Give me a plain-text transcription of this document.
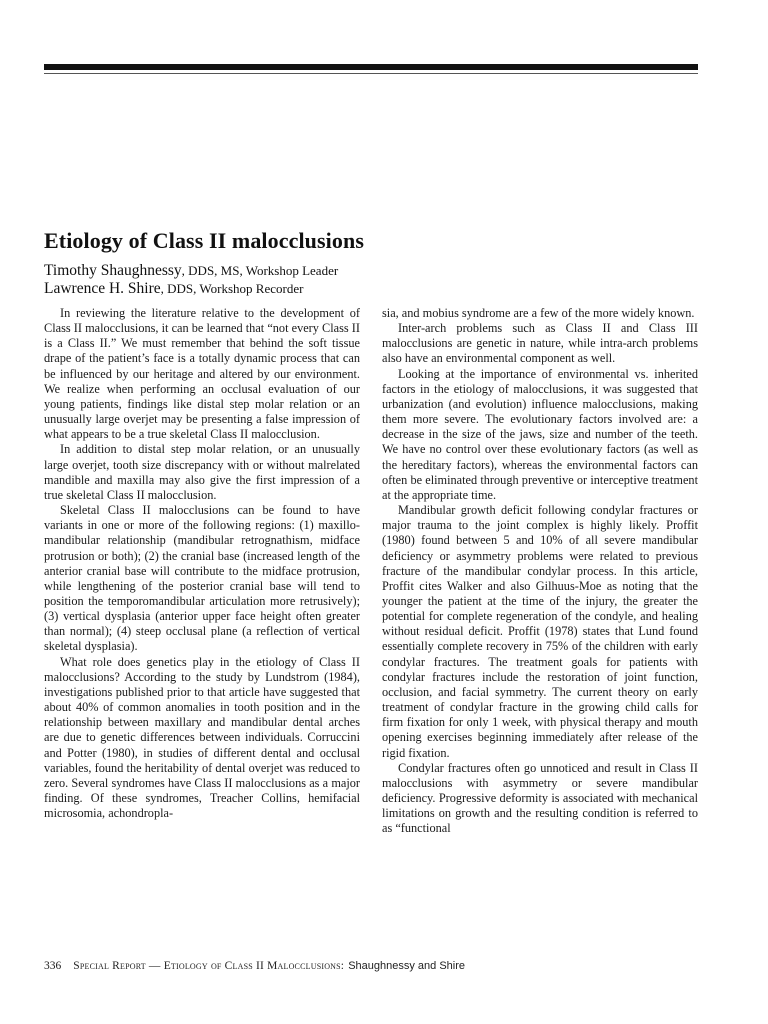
Etiology of Class II malocclusions
Timothy Shaughnessy, DDS, MS, Workshop Leader
Lawrence H. Shire, DDS, Workshop Recorder

In reviewing the literature relative to the development of Class II malocclusions, it can be learned that “not every Class II is a Class II.” We must remember that behind the soft tissue drape of the patient’s face is a totally dynamic process that can be influenced by our heritage and altered by our environment. We realize when performing an occlusal evaluation of our young patients, findings like distal step molar relation or an unusually large overjet may be presenting a false impression of what appears to be a true skeletal Class II malocclusion.

In addition to distal step molar relation, or an unusually large overjet, tooth size discrepancy with or without malrelated mandible and maxilla may also give the first impression of a true skeletal Class II malocclusion.

Skeletal Class II malocclusions can be found to have variants in one or more of the following regions: (1) maxillo-mandibular relationship (mandibular retrognathism, midface protrusion or both); (2) the cranial base (increased length of the anterior cranial base will contribute to the midface protrusion, while lengthening of the posterior cranial base will tend to position the temporomandibular articulation more retrusively); (3) vertical dysplasia (anterior upper face height often greater than normal); (4) steep occlusal plane (a reflection of vertical skeletal dysplasia).

What role does genetics play in the etiology of Class II malocclusions? According to the study by Lundstrom (1984), investigations published prior to that article have suggested that about 40% of common anomalies in tooth position and in the relationship between maxillary and mandibular dental arches are due to genetic differences between individuals. Corruccini and Potter (1980), in studies of different dental and occlusal variables, found the heritability of dental overjet was reduced to zero. Several syndromes have Class II malocclusions as a major finding. Of these syndromes, Treacher Collins, hemifacial microsomia, achondropla-

sia, and mobius syndrome are a few of the more widely known.

Inter-arch problems such as Class II and Class III malocclusions are genetic in nature, while intra-arch problems also have an environmental component as well.

Looking at the importance of environmental vs. inherited factors in the etiology of malocclusions, it was suggested that urbanization (and evolution) influence malocclusions, making them more severe. The evolutionary factors involved are: a decrease in the size of the jaws, size and number of the teeth. We have no control over these evolutionary factors (as well as the hereditary factors), whereas the environmental factors can often be eliminated through preventive or interceptive treatment at the appropriate time.

Mandibular growth deficit following condylar fractures or major trauma to the joint complex is highly likely. Proffit (1980) found between 5 and 10% of all severe mandibular deficiency or asymmetry problems were related to previous fracture of the mandibular condylar process. In this article, Proffit cites Walker and also Gilhuus-Moe as noting that the younger the patient at the time of the injury, the greater the potential for complete regeneration of the condyle, and healing without residual deficit. Proffit (1978) states that Lund found essentially complete recovery in 75% of the children with early condylar fractures. The treatment goals for patients with condylar fractures include the restoration of joint function, occlusion, and facial symmetry. The current theory on early treatment of condylar fracture in the growing child calls for firm fixation for only 1 week, with physical therapy and mouth opening exercises beginning immediately after release of the rigid fixation.

Condylar fractures often go unnoticed and result in Class II malocclusions with asymmetry or severe mandibular deficiency. Progressive deformity is associated with mechanical limitations on growth and the resulting condition is referred to as “functional

336 Special Report — Etiology of Class II Malocclusions: Shaughnessy and Shire
